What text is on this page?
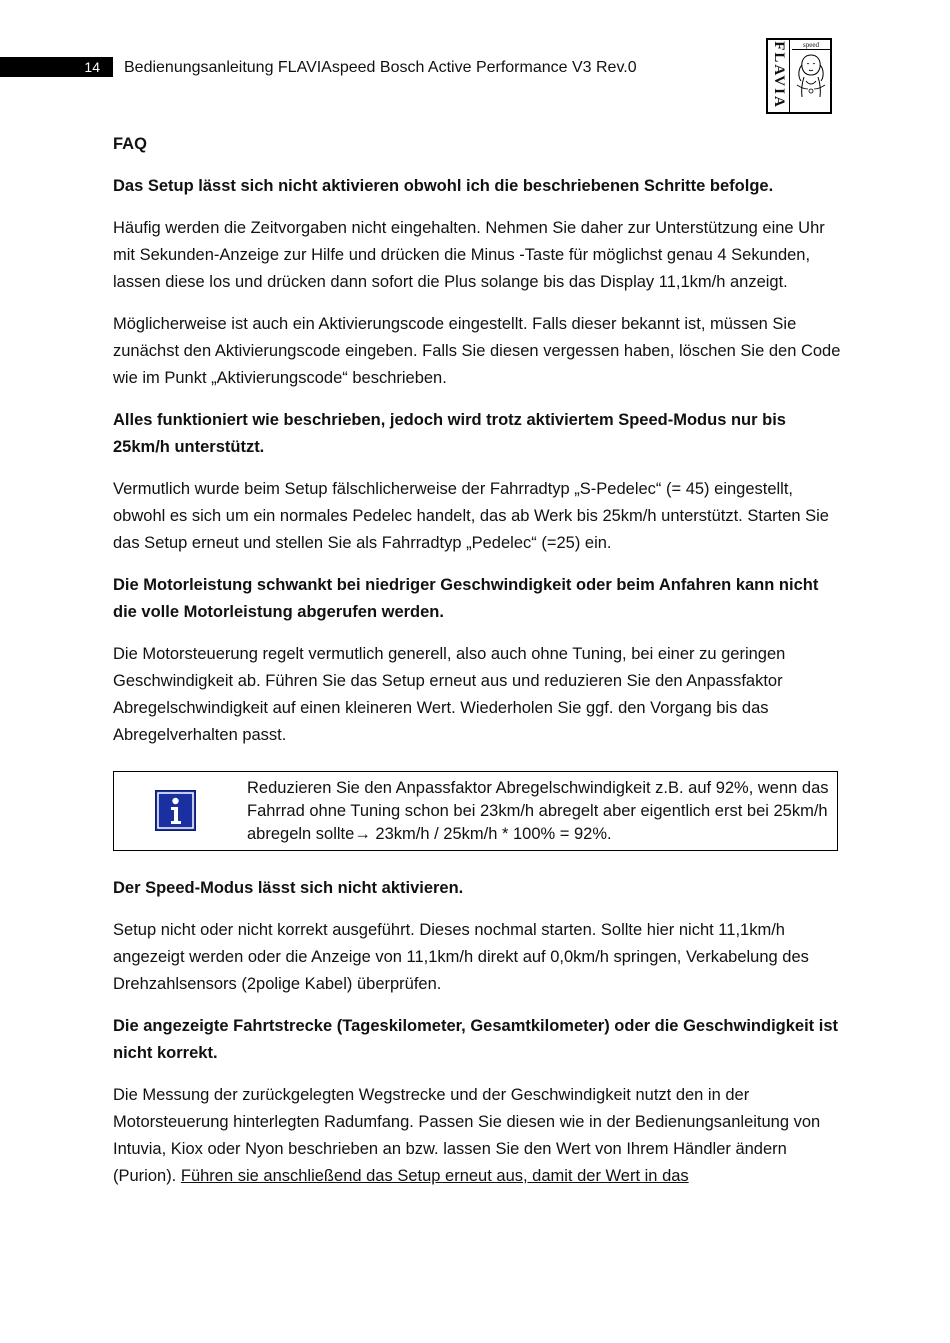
14 Bedienungsanleitung FLAVIAspeed Bosch Active Performance V3 Rev.0	FLAVIA	speed

FAQ

Das Setup lässt sich nicht aktivieren obwohl ich die beschriebenen Schritte befolge.

Häufig werden die Zeitvorgaben nicht eingehalten. Nehmen Sie daher zur Unterstützung eine Uhr mit Sekunden-Anzeige zur Hilfe und drücken die Minus -Taste für möglichst genau 4 Sekunden, lassen diese los und drücken dann sofort die Plus solange bis das Display 11,1km/h anzeigt.

Möglicherweise ist auch ein Aktivierungscode eingestellt. Falls dieser bekannt ist, müssen Sie zunächst den Aktivierungscode eingeben. Falls Sie diesen vergessen haben, löschen Sie den Code wie im Punkt „Aktivierungscode“ beschrieben.

Alles funktioniert wie beschrieben, jedoch wird trotz aktiviertem Speed-Modus nur bis 25km/h unterstützt.

Vermutlich wurde beim Setup fälschlicherweise der Fahrradtyp „S-Pedelec“ (= 45) eingestellt, obwohl es sich um ein normales Pedelec handelt, das ab Werk bis 25km/h unterstützt. Starten Sie das Setup erneut und stellen Sie als Fahrradtyp „Pedelec“ (=25) ein.

Die Motorleistung schwankt bei niedriger Geschwindigkeit oder beim Anfahren kann nicht die volle Motorleistung abgerufen werden.

Die Motorsteuerung regelt vermutlich generell, also auch ohne Tuning, bei einer zu geringen Geschwindigkeit ab. Führen Sie das Setup erneut aus und reduzieren Sie den Anpassfaktor Abregelschwindigkeit auf einen kleineren Wert. Wiederholen Sie ggf. den Vorgang bis das Abregelverhalten passt.

Reduzieren Sie den Anpassfaktor Abregelschwindigkeit z.B. auf 92%, wenn das Fahrrad ohne Tuning schon bei 23km/h abregelt aber eigentlich erst bei 25km/h abregeln sollte→ 23km/h / 25km/h * 100% = 92%.

Der Speed-Modus lässt sich nicht aktivieren.

Setup nicht oder nicht korrekt ausgeführt. Dieses nochmal starten. Sollte hier nicht 11,1km/h angezeigt werden oder die Anzeige von 11,1km/h direkt auf 0,0km/h springen, Verkabelung des Drehzahlsensors (2polige Kabel) überprüfen.

Die angezeigte Fahrtstrecke (Tageskilometer, Gesamtkilometer) oder die Geschwindigkeit ist nicht korrekt.

Die Messung der zurückgelegten Wegstrecke und der Geschwindigkeit nutzt den in der Motorsteuerung hinterlegten Radumfang. Passen Sie diesen wie in der Bedienungsanleitung von Intuvia, Kiox oder Nyon beschrieben an bzw. lassen Sie den Wert von Ihrem Händler ändern (Purion). Führen sie anschließend das Setup erneut aus, damit der Wert in das
